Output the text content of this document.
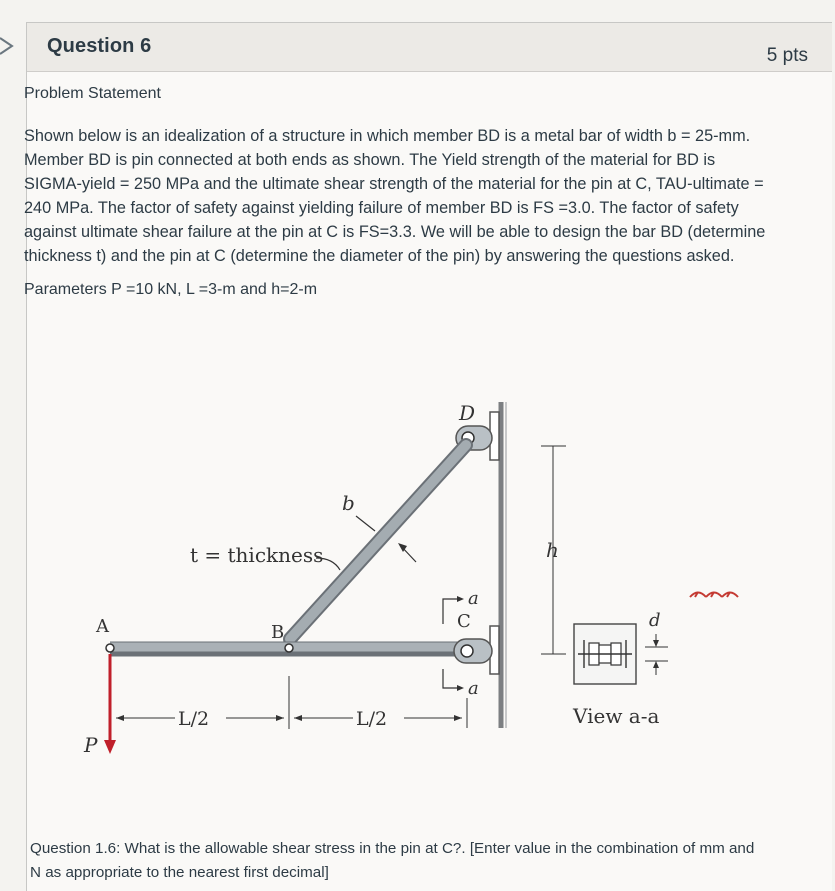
Question 6	5 pts

Problem Statement

Shown below is an idealization of a structure in which member BD is a metal bar of width b = 25-mm. Member BD is pin connected at both ends as shown. The Yield strength of the material for BD is SIGMA-yield = 250 MPa and the ultimate shear strength of the material for the pin at C, TAU-ultimate = 240 MPa. The factor of safety against yielding failure of member BD is FS =3.0. The factor of safety against ultimate shear failure at the pin at C is FS=3.3. We will be able to design the bar BD (determine thickness t) and the pin at C (determine the diameter of the pin) by answering the questions asked.

Parameters P =10 kN, L =3-m and h=2-m

h
D
b
t = thickness
a
C
a
A	B
P
L/2	L/2
d
View a-a

Question 1.6: What is the allowable shear stress in the pin at C?. [Enter value in the combination of mm and N as appropriate to the nearest first decimal]
